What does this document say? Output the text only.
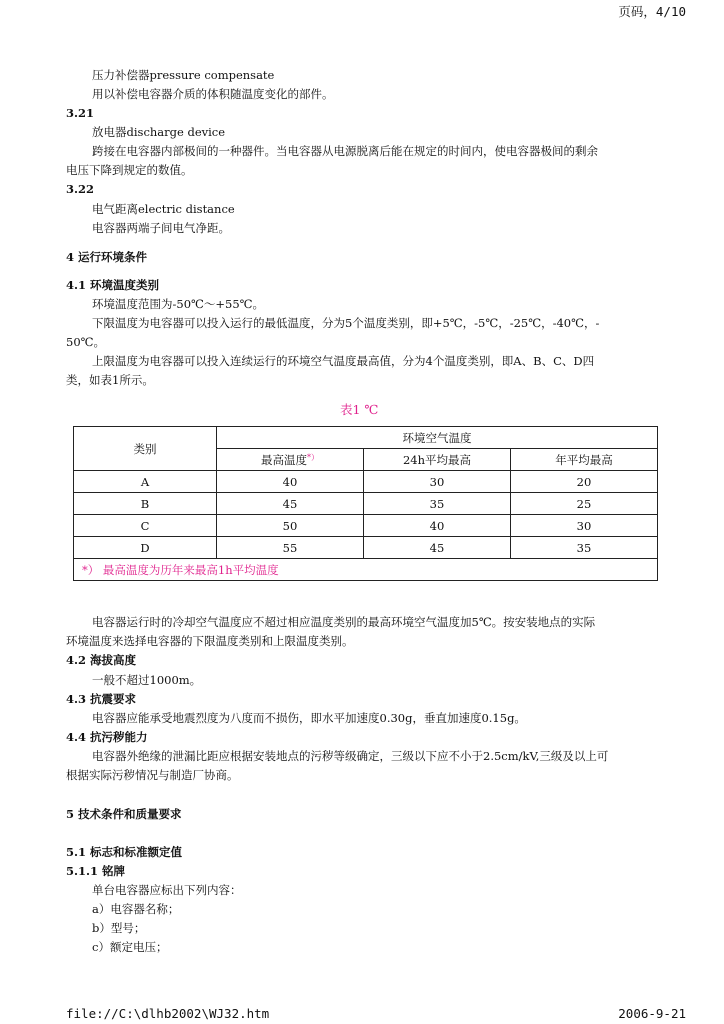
页码，4/10
压力补偿器pressure compensate
用以补偿电容器介质的体积随温度变化的部件。
3.21
放电器discharge device
跨接在电容器内部极间的一种器件。当电容器从电源脱离后能在规定的时间内，使电容器极间的剩余
电压下降到规定的数值。
3.22
电气距离electric distance
电容器两端子间电气净距。
4 运行环境条件
4.1 环境温度类别
环境温度范围为-50℃～+55℃。
下限温度为电容器可以投入运行的最低温度，分为5个温度类别，即+5℃，-5℃，-25℃，-40℃，-
50℃。
上限温度为电容器可以投入连续运行的环境空气温度最高值，分为4个温度类别，即A、B、C、D四
类，如表1所示。
表1 ℃
类别	环境空气温度		
	最高温度*）	24h平均最高	年平均最高
A	40	30	20
B	45	35	25
C	50	40	30
D	55	45	35
*） 最高温度为历年来最高1h平均温度			
电容器运行时的冷却空气温度应不超过相应温度类别的最高环境空气温度加5℃。按安装地点的实际
环境温度来选择电容器的下限温度类别和上限温度类别。
4.2 海拔高度
一般不超过1000m。
4.3 抗震要求
电容器应能承受地震烈度为八度而不损伤，即水平加速度0.30g，垂直加速度0.15g。
4.4 抗污秽能力
电容器外绝缘的泄漏比距应根据安装地点的污秽等级确定，三级以下应不小于2.5cm/kV,三级及以上可
根据实际污秽情况与制造厂协商。
5 技术条件和质量要求
5.1 标志和标准额定值
5.1.1 铭牌
单台电容器应标出下列内容：
a）电容器名称；
b）型号；
c）额定电压；
file://C:\dlhb2002\WJ32.htm	2006-9-21
